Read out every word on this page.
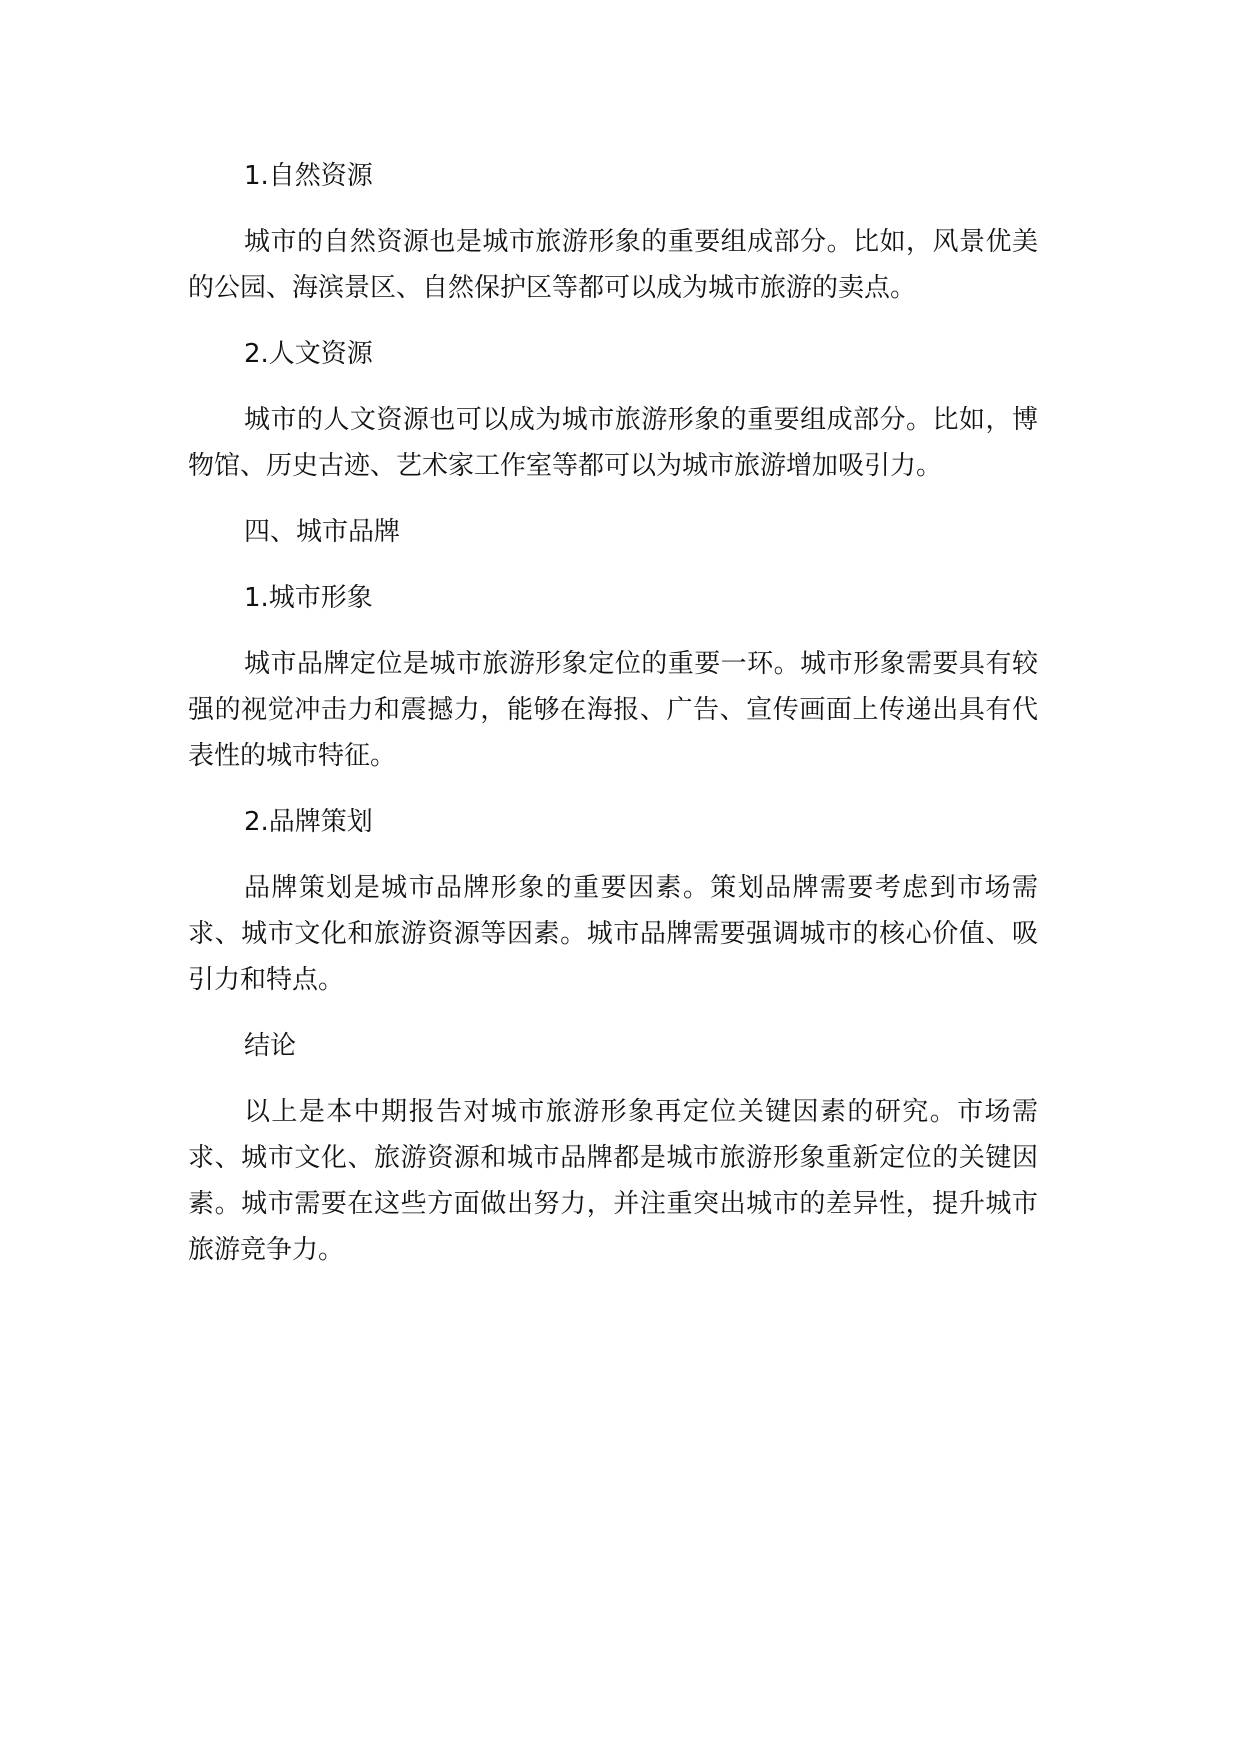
1.自然资源

城市的自然资源也是城市旅游形象的重要组成部分。比如，风景优美的公园、海滨景区、自然保护区等都可以成为城市旅游的卖点。

2.人文资源

城市的人文资源也可以成为城市旅游形象的重要组成部分。比如，博物馆、历史古迹、艺术家工作室等都可以为城市旅游增加吸引力。

四、城市品牌

1.城市形象

城市品牌定位是城市旅游形象定位的重要一环。城市形象需要具有较强的视觉冲击力和震撼力，能够在海报、广告、宣传画面上传递出具有代表性的城市特征。

2.品牌策划

品牌策划是城市品牌形象的重要因素。策划品牌需要考虑到市场需求、城市文化和旅游资源等因素。城市品牌需要强调城市的核心价值、吸引力和特点。

结论

以上是本中期报告对城市旅游形象再定位关键因素的研究。市场需求、城市文化、旅游资源和城市品牌都是城市旅游形象重新定位的关键因素。城市需要在这些方面做出努力，并注重突出城市的差异性，提升城市旅游竞争力。
